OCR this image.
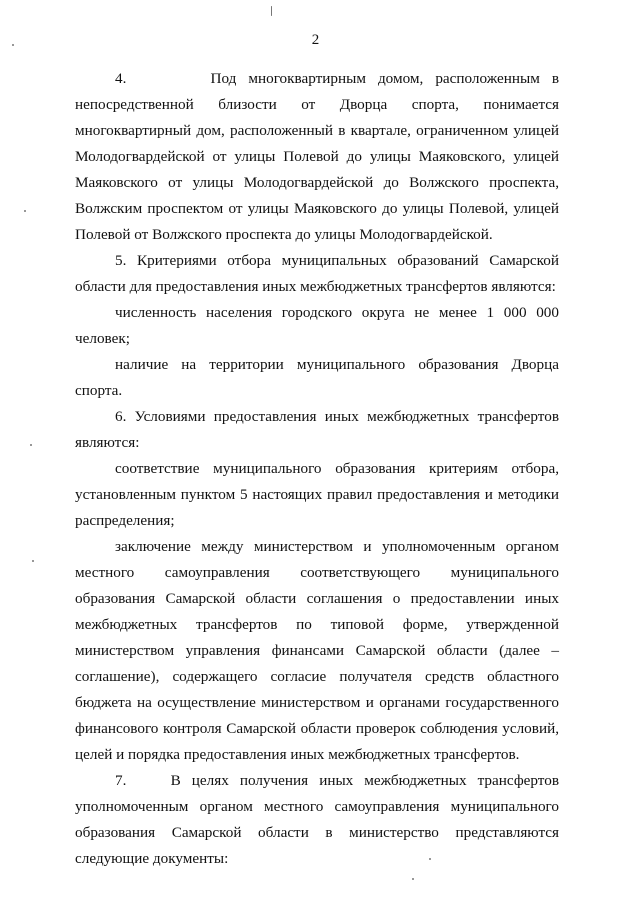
2

4.       Под многоквартирным домом, расположенным в непосредственной близости от Дворца спорта, понимается многоквартирный дом, расположенный в квартале, ограниченном улицей Молодогвардейской от улицы Полевой до улицы Маяковского, улицей Маяковского от улицы Молодогвардейской до Волжского проспекта, Волжским проспектом от улицы Маяковского до улицы Полевой, улицей Полевой от Волжского проспекта до улицы Молодогвардейской.

5. Критериями отбора муниципальных образований Самарской области для предоставления иных межбюджетных трансфертов являются:

численность населения городского округа не менее 1 000 000 человек;

наличие на территории муниципального образования Дворца спорта.

6. Условиями предоставления иных межбюджетных трансфертов являются:

соответствие муниципального образования критериям отбора, установленным пунктом 5 настоящих правил предоставления и методики распределения;

заключение между министерством и уполномоченным органом местного самоуправления соответствующего муниципального образования Самарской области соглашения о предоставлении иных межбюджетных трансфертов по типовой форме, утвержденной министерством управления финансами Самарской области (далее – соглашение), содержащего согласие получателя средств областного бюджета на осуществление министерством и органами государственного финансового контроля Самарской области проверок соблюдения условий, целей и порядка предоставления иных межбюджетных трансфертов.

7.    В целях получения иных межбюджетных трансфертов уполномоченным органом местного самоуправления муниципального образования Самарской области в министерство представляются следующие документы:
